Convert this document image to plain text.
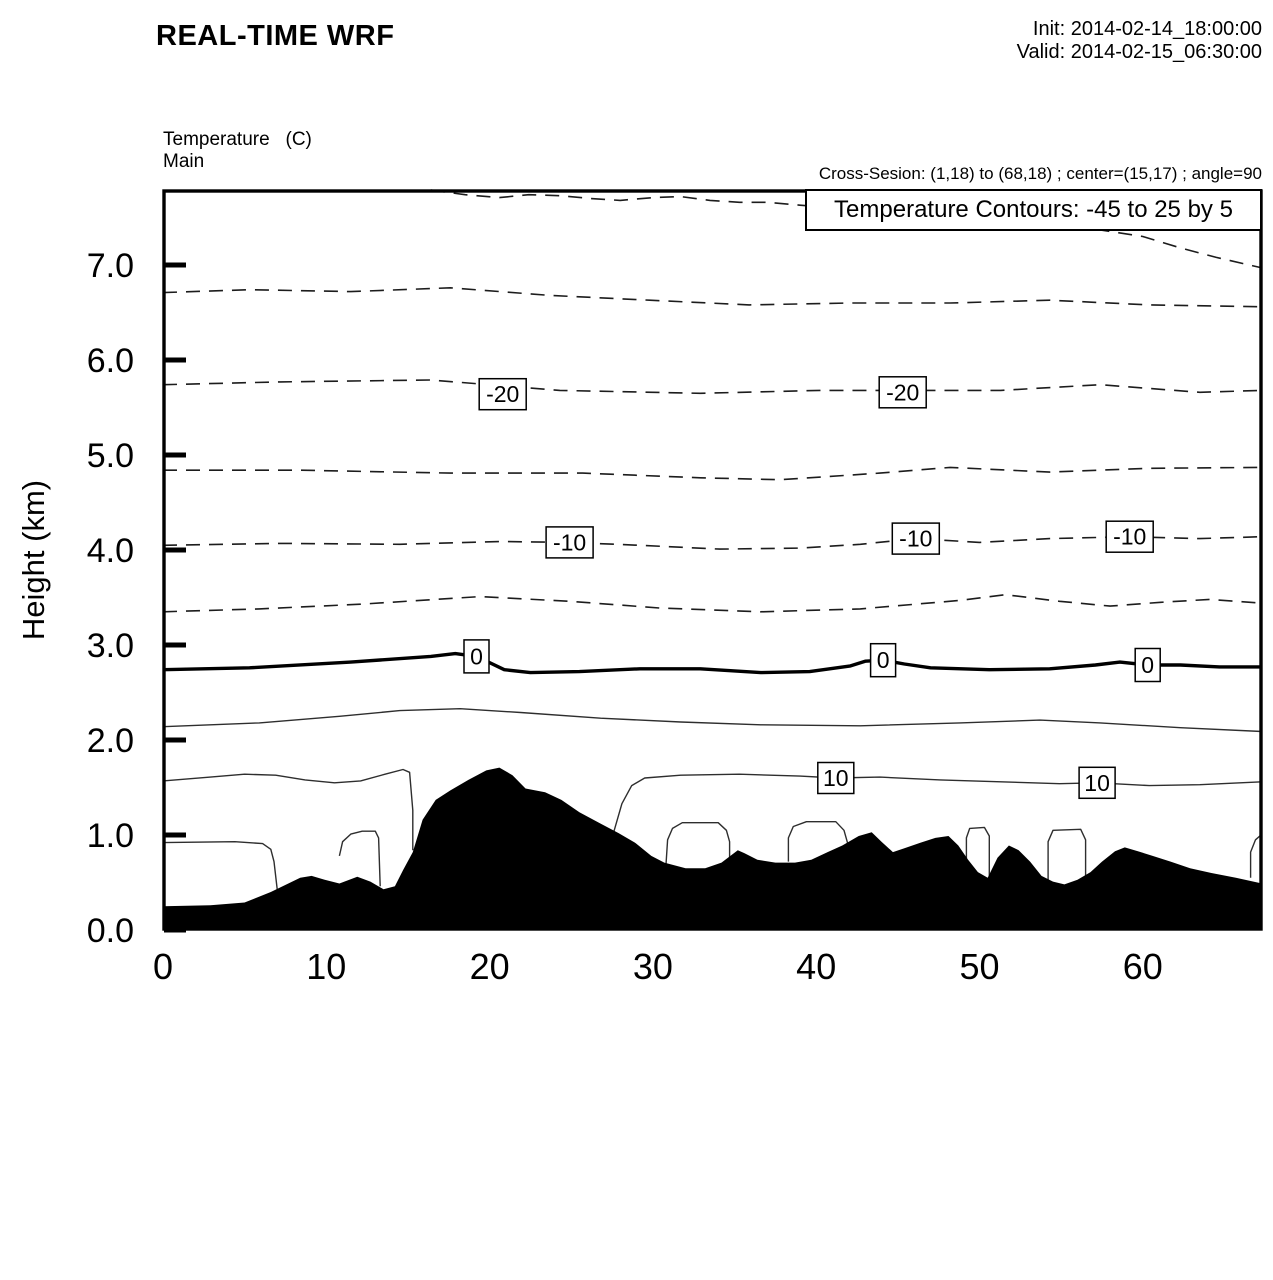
-20	-20
-10	-10	-10
0	0	0
10	10
0	10	20	30	40	50	60
0.0
1.0
2.0
3.0
4.0
5.0
6.0
7.0
Height (km)
REAL-TIME WRF	Init: 2014-02-14_18:00:00
Valid: 2014-02-15_06:30:00
Temperature   (C)
Main
Cross-Sesion: (1,18) to (68,18) ; center=(15,17) ; angle=90
Temperature Contours: -45 to 25 by 5
